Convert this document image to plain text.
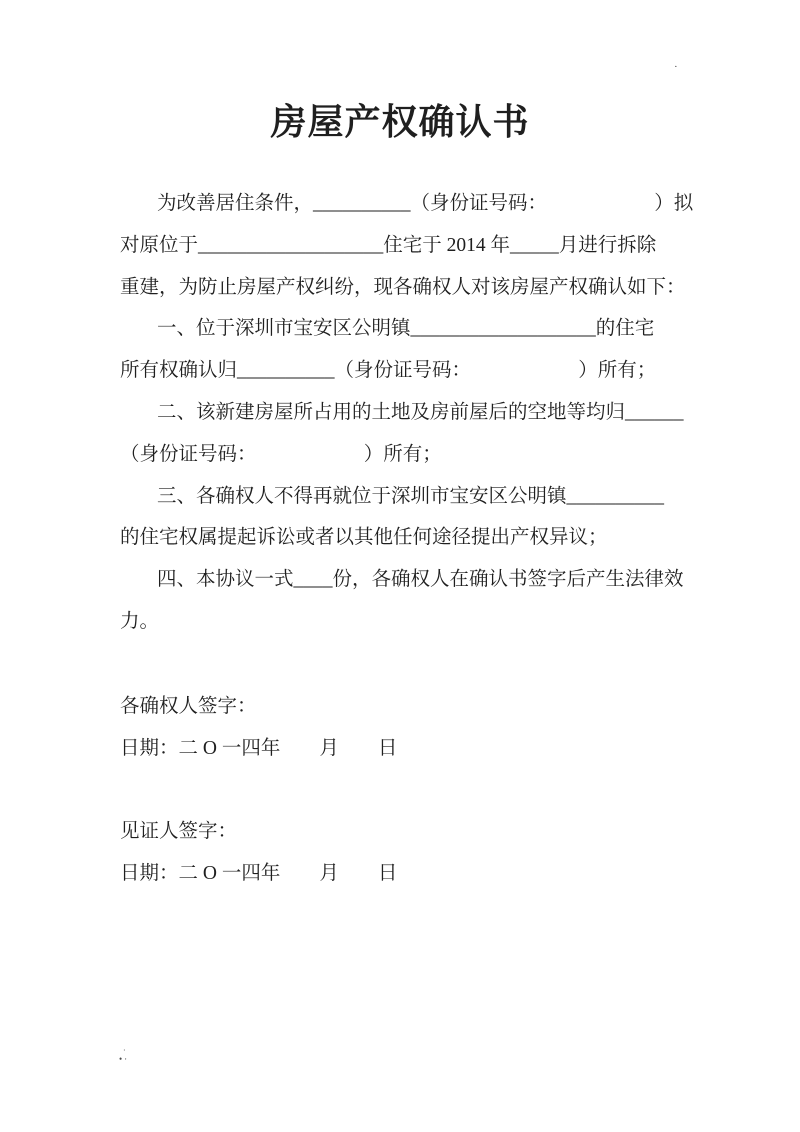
·
房屋产权确认书
为改善居住条件，__________（身份证号码：　　　　　　）拟
对原位于___________________住宅于 2014 年_____月进行拆除
重建，为防止房屋产权纠纷，现各确权人对该房屋产权确认如下：
一、位于深圳市宝安区公明镇___________________的住宅
所有权确认归__________（身份证号码：　　　　　　）所有；
二、该新建房屋所占用的土地及房前屋后的空地等均归______
（身份证号码：　　　　　　）所有；
三、各确权人不得再就位于深圳市宝安区公明镇__________
的住宅权属提起诉讼或者以其他任何途径提出产权异议；
四、本协议一式____份，各确权人在确认书签字后产生法律效
力。
各确权人签字：
日期：二 O 一四年　　月　　日
见证人签字：
日期：二 O 一四年　　月　　日
·
•·
